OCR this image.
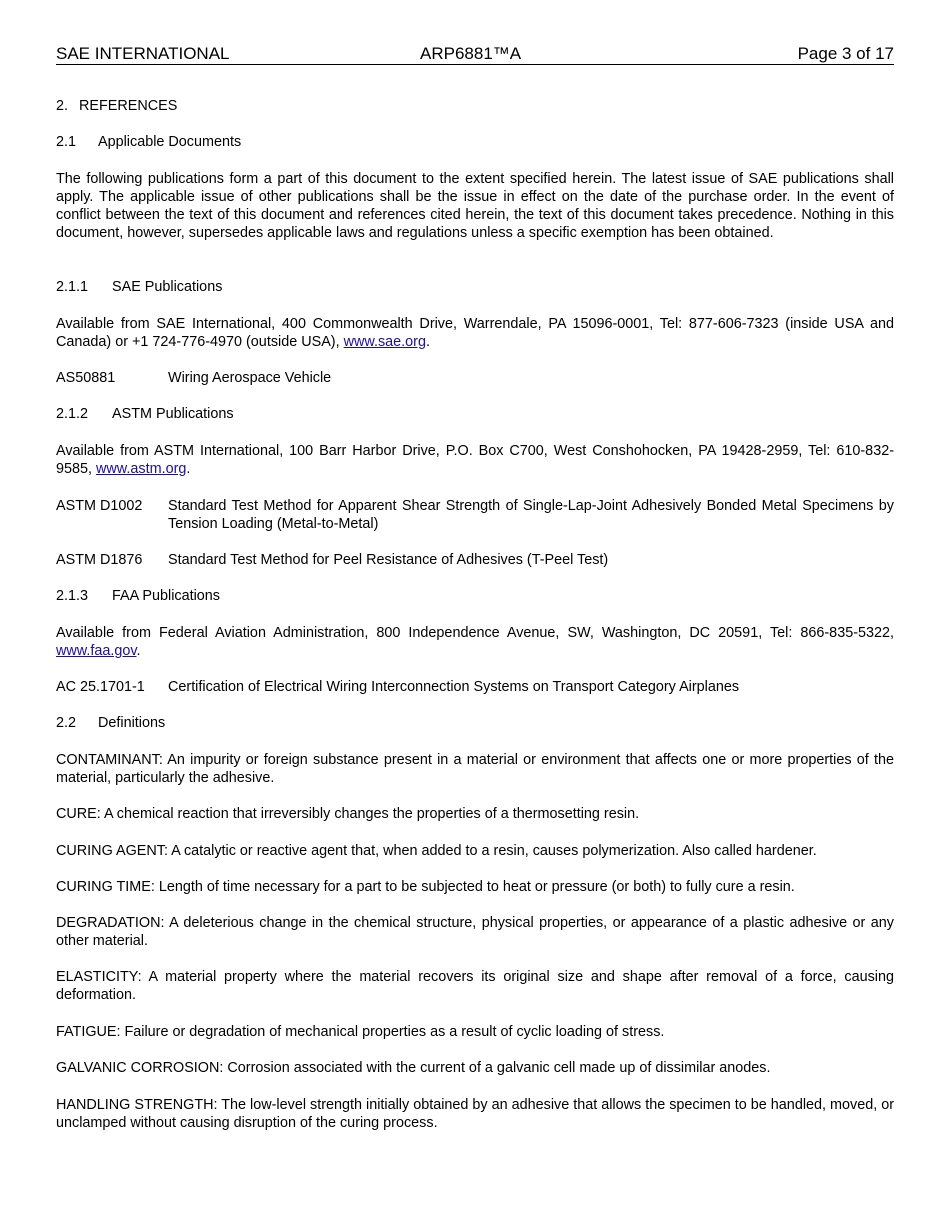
SAE INTERNATIONAL	ARP6881™A	Page 3 of 17
2. REFERENCES
2.1 Applicable Documents

The following publications form a part of this document to the extent specified herein. The latest issue of SAE publications shall apply. The applicable issue of other publications shall be the issue in effect on the date of the purchase order. In the event of conflict between the text of this document and references cited herein, the text of this document takes precedence. Nothing in this document, however, supersedes applicable laws and regulations unless a specific exemption has been obtained.

2.1.1 SAE Publications

Available from SAE International, 400 Commonwealth Drive, Warrendale, PA 15096-0001, Tel: 877-606-7323 (inside USA and Canada) or +1 724-776-4970 (outside USA), www.sae.org.

AS50881	Wiring Aerospace Vehicle
2.1.2 ASTM Publications

Available from ASTM International, 100 Barr Harbor Drive, P.O. Box C700, West Conshohocken, PA 19428-2959, Tel: 610-832-9585, www.astm.org.

ASTM D1002 Standard Test Method for Apparent Shear Strength of Single-Lap-Joint Adhesively Bonded Metal Specimens by Tension Loading (Metal-to-Metal)
ASTM D1876 Standard Test Method for Peel Resistance of Adhesives (T-Peel Test)
2.1.3 FAA Publications

Available from Federal Aviation Administration, 800 Independence Avenue, SW, Washington, DC 20591, Tel: 866-835-5322, www.faa.gov.

AC 25.1701-1 Certification of Electrical Wiring Interconnection Systems on Transport Category Airplanes
2.2 Definitions

CONTAMINANT: An impurity or foreign substance present in a material or environment that affects one or more properties of the material, particularly the adhesive.

CURE: A chemical reaction that irreversibly changes the properties of a thermosetting resin.

CURING AGENT: A catalytic or reactive agent that, when added to a resin, causes polymerization. Also called hardener.

CURING TIME: Length of time necessary for a part to be subjected to heat or pressure (or both) to fully cure a resin.

DEGRADATION: A deleterious change in the chemical structure, physical properties, or appearance of a plastic adhesive or any other material.

ELASTICITY: A material property where the material recovers its original size and shape after removal of a force, causing deformation.

FATIGUE: Failure or degradation of mechanical properties as a result of cyclic loading of stress.

GALVANIC CORROSION: Corrosion associated with the current of a galvanic cell made up of dissimilar anodes.

HANDLING STRENGTH: The low-level strength initially obtained by an adhesive that allows the specimen to be handled, moved, or unclamped without causing disruption of the curing process.
